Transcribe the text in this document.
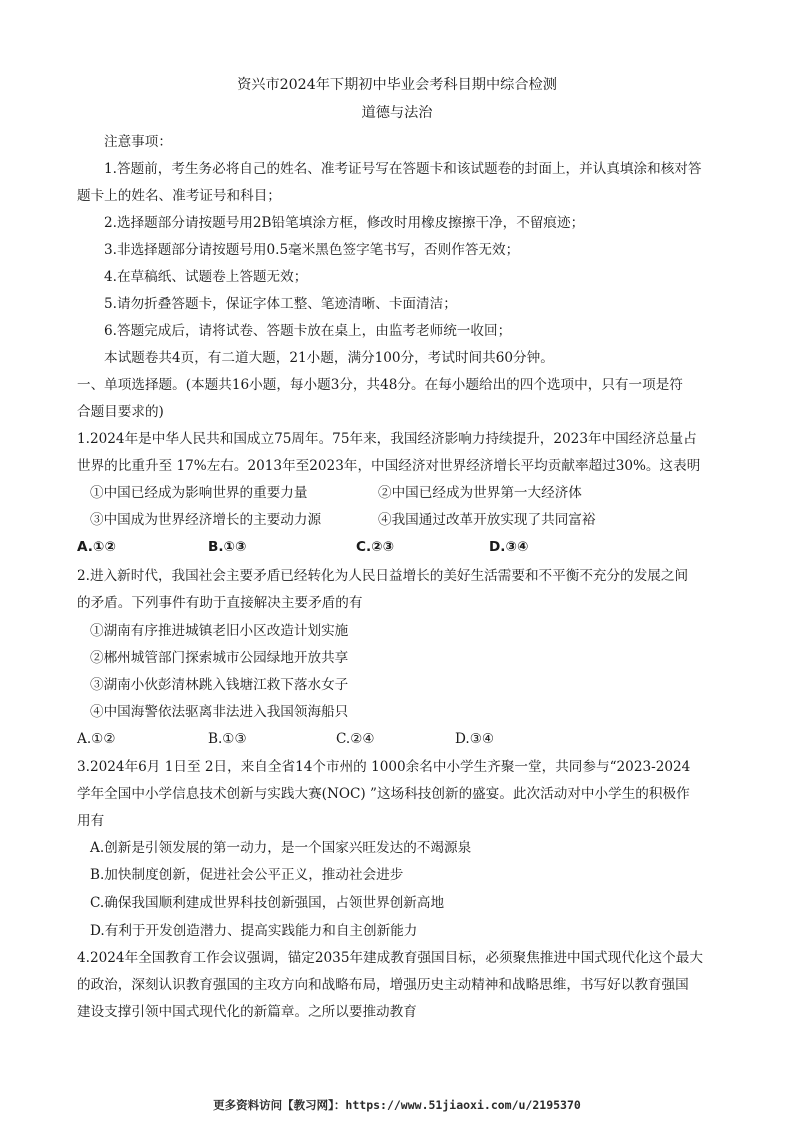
资兴市2024年下期初中毕业会考科目期中综合检测
道德与法治
注意事项：
1.答题前，考生务必将自己的姓名、准考证号写在答题卡和该试题卷的封面上，并认真填涂和核对答
题卡上的姓名、准考证号和科目；
2.选择题部分请按题号用2B铅笔填涂方框，修改时用橡皮擦擦干净，不留痕迹；
3.非选择题部分请按题号用0.5毫米黑色签字笔书写，否则作答无效；
4.在草稿纸、试题卷上答题无效；
5.请勿折叠答题卡，保证字体工整、笔迹清晰、卡面清洁；
6.答题完成后，请将试卷、答题卡放在桌上，由监考老师统一收回；
本试题卷共4页，有二道大题，21小题，满分100分，考试时间共60分钟。
一、单项选择题。(本题共16小题，每小题3分，共48分。在每小题给出的四个选项中，只有一项是符
合题目要求的)
1.2024年是中华人民共和国成立75周年。75年来，我国经济影响力持续提升，2023年中国经济总量占
世界的比重升至 17%左右。2013年至2023年，中国经济对世界经济增长平均贡献率超过30%。这表明
①中国已经成为影响世界的重要力量	②中国已经成为世界第一大经济体
③中国成为世界经济增长的主要动力源	④我国通过改革开放实现了共同富裕
A.①②	B.①③	C.②③	D.③④
2.进入新时代，我国社会主要矛盾已经转化为人民日益增长的美好生活需要和不平衡不充分的发展之间
的矛盾。下列事件有助于直接解决主要矛盾的有
①湖南有序推进城镇老旧小区改造计划实施
②郴州城管部门探索城市公园绿地开放共享
③湖南小伙彭清林跳入钱塘江救下落水女子
④中国海警依法驱离非法进入我国领海船只
A.①②	B.①③	C.②④	D.③④
3.2024年6月 1日至 2日，来自全省14个市州的 1000余名中小学生齐聚一堂，共同参与“2023-2024
学年全国中小学信息技术创新与实践大赛(NOC) ”这场科技创新的盛宴。此次活动对中小学生的积极作
用有
A.创新是引领发展的第一动力，是一个国家兴旺发达的不竭源泉
B.加快制度创新，促进社会公平正义，推动社会进步
C.确保我国顺利建成世界科技创新强国，占领世界创新高地
D.有利于开发创造潜力、提高实践能力和自主创新能力
4.2024年全国教育工作会议强调，锚定2035年建成教育强国目标，必须聚焦推进中国式现代化这个最大
的政治，深刻认识教育强国的主攻方向和战略布局，增强历史主动精神和战略思维，书写好以教育强国
建设支撑引领中国式现代化的新篇章。之所以要推动教育
更多资料访问【教习网】：https://www.51jiaoxi.com/u/2195370
